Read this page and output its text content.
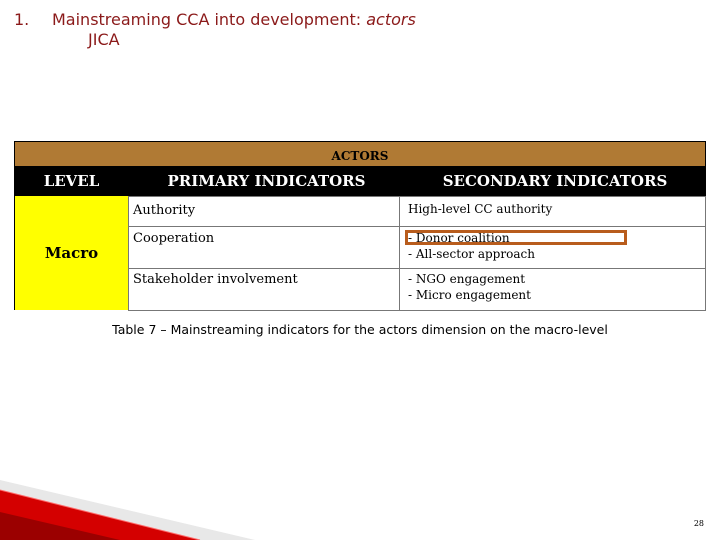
1. Mainstreaming CCA into development: actors
JICA
ACTORS
LEVEL	PRIMARY INDICATORS	SECONDARY INDICATORS
Macro
Authority	High-level CC authority
Cooperation	- Donor coalition
- All-sector approach
Stakeholder involvement	- NGO engagement
- Micro engagement
Table 7 – Mainstreaming indicators for the actors dimension on the macro-level
28
